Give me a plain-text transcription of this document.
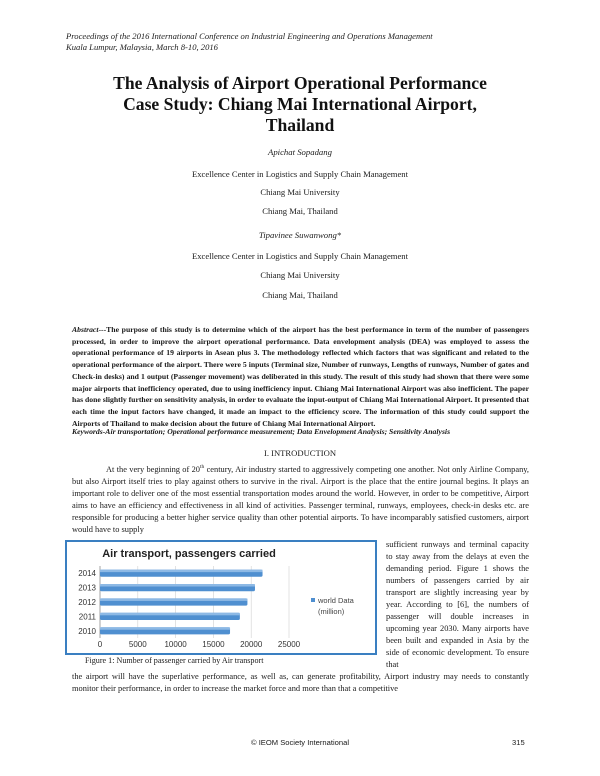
Proceedings of the 2016 International Conference on Industrial Engineering and Operations Management
Kuala Lumpur, Malaysia, March 8-10, 2016
The Analysis of Airport Operational Performance
Case Study: Chiang Mai International Airport,
Thailand
Apichat Sopadang
Excellence Center in Logistics and Supply Chain Management
Chiang Mai University
Chiang Mai, Thailand
Tipavinee Suwanwong*
Excellence Center in Logistics and Supply Chain Management
Chiang Mai University
Chiang Mai, Thailand
Abstract---The purpose of this study is to determine which of the airport has the best performance in term of the number of passengers processed, in order to improve the airport operational performance. Data envelopment analysis (DEA) was employed to assess the operational performance of 19 airports in Asean plus 3. The methodology reflected which factors that was significant and related to the operational performance of the airport. There were 5 inputs (Terminal size, Number of runways, Lengths of runways, Number of gates and Check-in desks) and 1 output (Passenger movement) was deliberated in this study. The result of this study had shown that there were some major airports that inefficiency operated, due to using inefficiency input. Chiang Mai International Airport was also inefficient. The paper has done slightly further on sensitivity analysis, in order to evaluate the input-output of Chiang Mai International Airport. It presented that each time the input factors have changed, it made an impact to the efficiency score. The information of this study could support the Airports of Thailand to make decision about the future of Chiang Mai International Airport.
Keywords-Air transportation; Operational performance measurement; Data Envelopment Analysis; Sensitivity Analysis
I. INTRODUCTION

At the very beginning of 20th century, Air industry started to aggressively competing one another. Not only Airline Company, but also Airport itself tries to play against others to survive in the rival. Airport is the place that the entire journal begins. It plays an important role to deliver one of the most essential transportation modes around the world. However, in order to be competitive, Airport aims to have an efficiency and effectiveness in all kind of activities. Passenger terminal, runways, employees, check-in desks etc. are responsible for producing a better higher service quality than other potential airports. To have incomparably satisfied customers, airport would have to supply

sufficient runways and terminal capacity to stay away from the delays at even the demanding period. Figure 1 shows the numbers of passengers carried by air transport are slightly increasing year by year. According to [6], the numbers of passenger will double increases in upcoming year 2030. Many airports have been built and expanded in Asia by the side of economic development. To ensure that
Air transport, passengers carried
0	5000 10000 15000 20000 25000
2010
2011
2012
2013
2014
world Data
(million)
Figure 1: Number of passenger carried by Air transport
the airport will have the superlative performance, as well as, can generate profitability, Airport industry may needs to constantly monitor their performance, in order to increase the market force and more than that a competitive
© IEOM Society International	315
